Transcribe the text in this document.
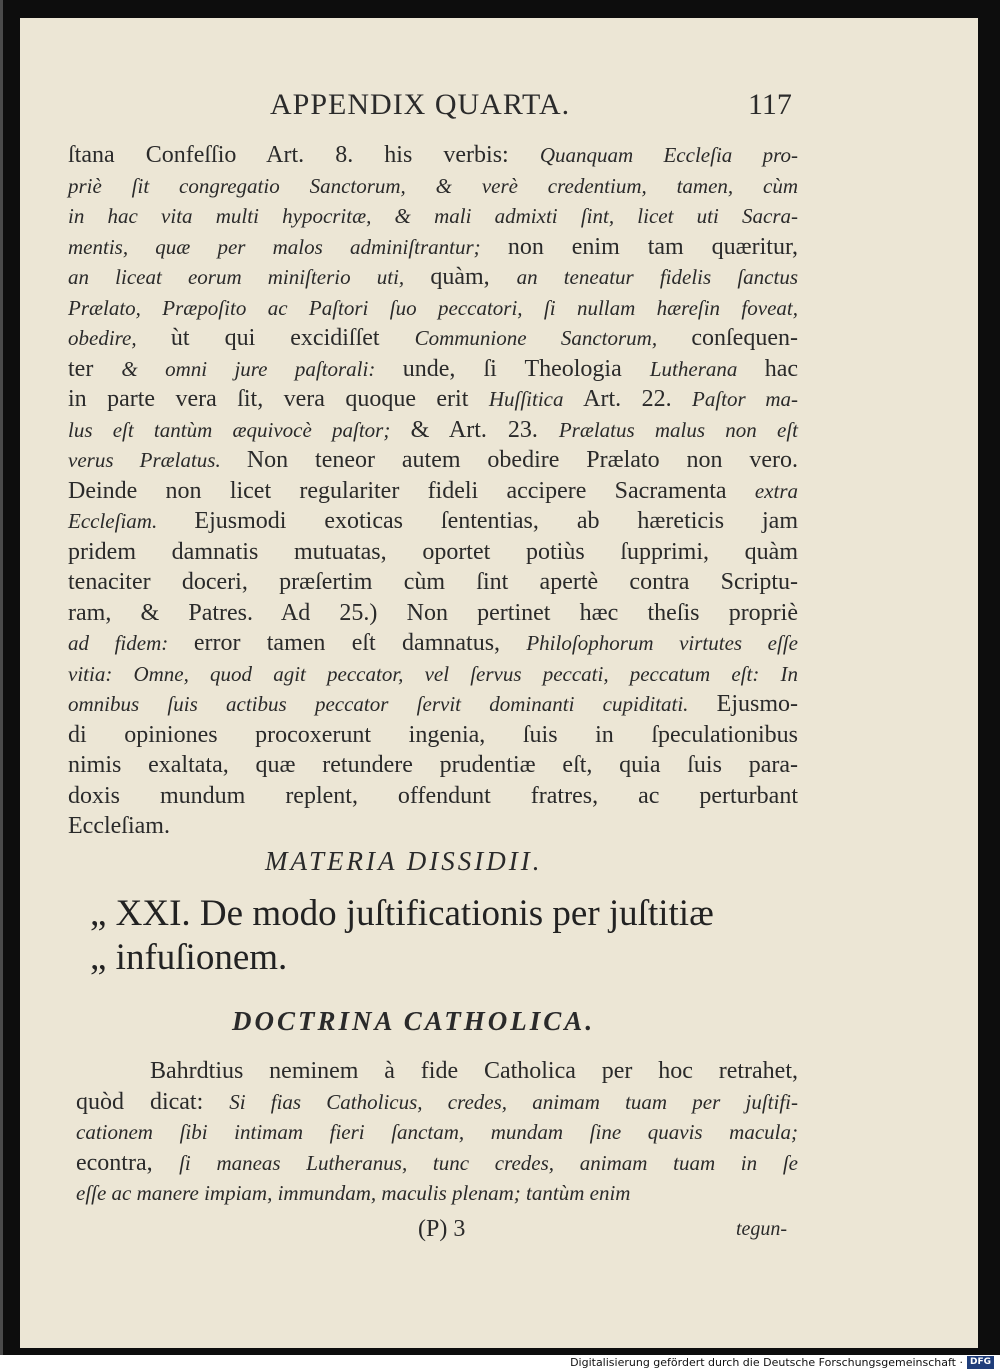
APPENDIX QUARTA.	117
ſtana Confeſſio Art. 8. his verbis: Quanquam Eccleſia pro-
priè ſit congregatio Sanctorum, & verè credentium, tamen, cùm
in hac vita multi hypocritæ, & mali admixti ſint, licet uti Sacra-
mentis, quæ per malos adminiſtrantur; non enim tam quæritur,
an liceat eorum miniſterio uti, quàm, an teneatur fidelis ſanctus
Prælato, Præpoſito ac Paſtori ſuo peccatori, ſi nullam hæreſin foveat,
obedire, ùt qui excidiſſet Communione Sanctorum, conſequen-
ter & omni jure paſtorali: unde, ſi Theologia Lutherana hac
in parte vera ſit, vera quoque erit Huſſitica Art. 22. Paſtor ma-
lus eſt tantùm æquivocè paſtor; & Art. 23. Prælatus malus non eſt
verus Prælatus. Non teneor autem obedire Prælato non vero.
Deinde non licet regulariter fideli accipere Sacramenta extra
Eccleſiam. Ejusmodi exoticas ſententias, ab hæreticis jam
pridem damnatis mutuatas, oportet potiùs ſupprimi, quàm
tenaciter doceri, præſertim cùm ſint apertè contra Scriptu-
ram, & Patres. Ad 25.) Non pertinet hæc theſis propriè
ad fidem: error tamen eſt damnatus, Philoſophorum virtutes eſſe
vitia: Omne, quod agit peccator, vel ſervus peccati, peccatum eſt: In
omnibus ſuis actibus peccator ſervit dominanti cupiditati. Ejusmo-
di opiniones procoxerunt ingenia, ſuis in ſpeculationibus
nimis exaltata, quæ retundere prudentiæ eſt, quia ſuis para-
doxis mundum replent, offendunt fratres, ac perturbant
Eccleſiam.
MATERIA DISSIDII.
„ XXI. De modo juſtificationis per juſtitiæ
„ infuſionem.
DOCTRINA CATHOLICA.
Bahrdtius neminem à fide Catholica per hoc retrahet,
quòd dicat: Si fias Catholicus, credes, animam tuam per juſtifi-
cationem ſibi intimam fieri ſanctam, mundam ſine quavis macula;
econtra, ſi maneas Lutheranus, tunc credes, animam tuam in ſe
eſſe ac manere impiam, immundam, maculis plenam; tantùm enim
(P) 3	tegun-
Digitalisierung gefördert durch die Deutsche Forschungsgemeinschaft · DFG
